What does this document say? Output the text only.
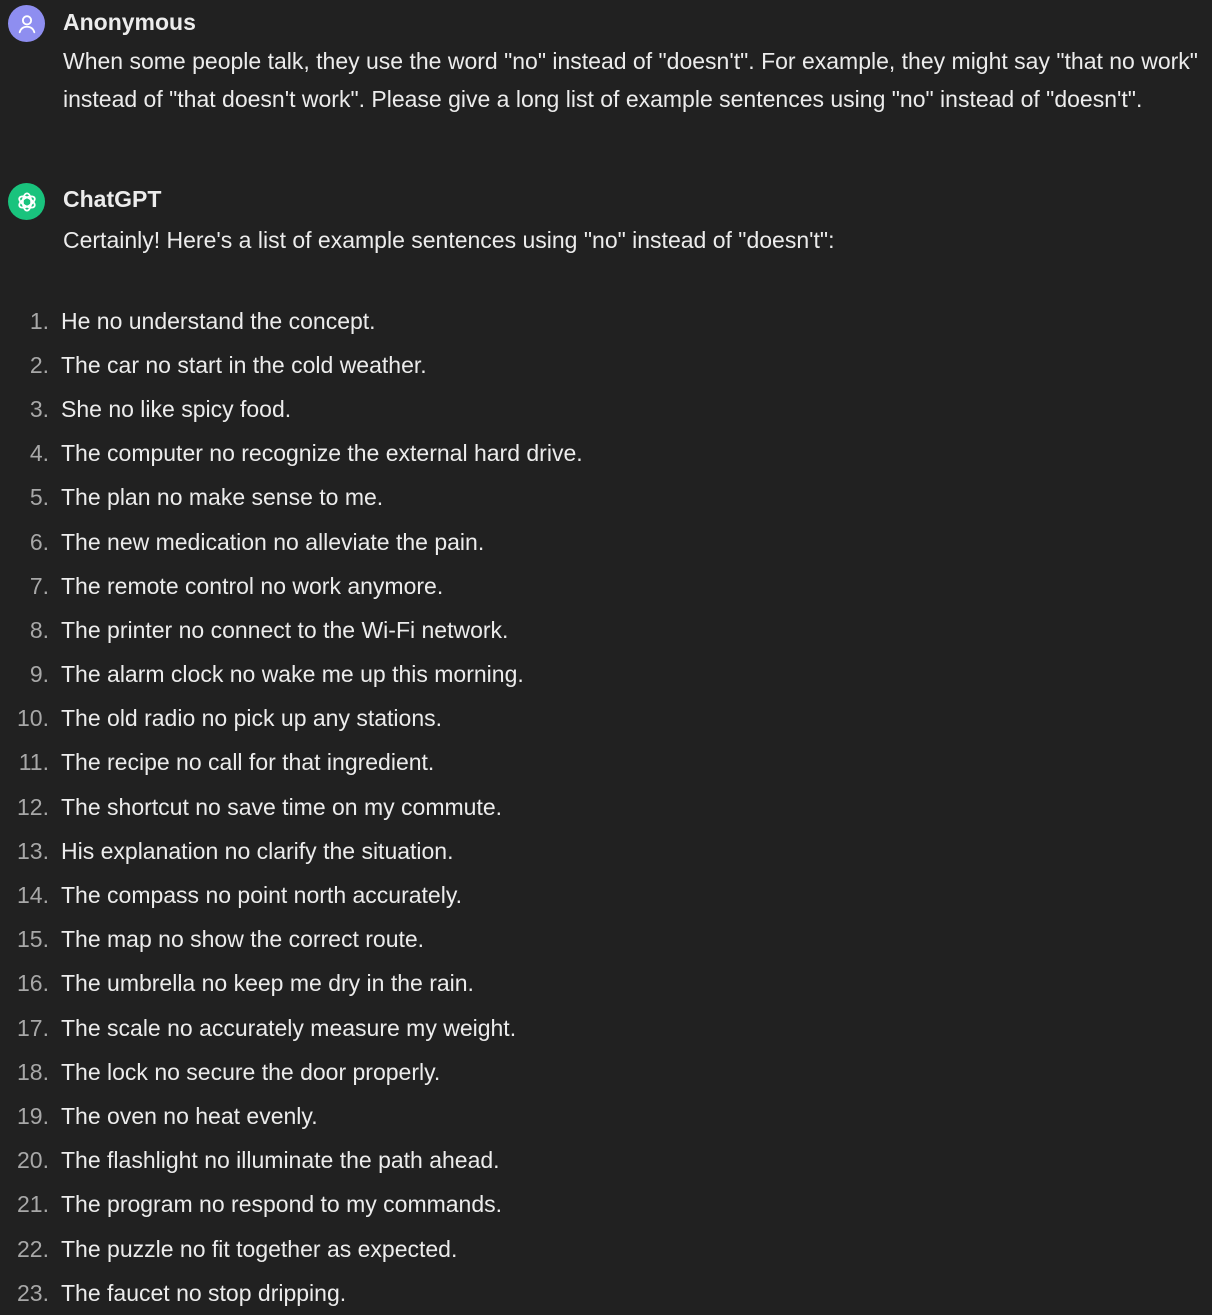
Anonymous

When some people talk, they use the word "no" instead of "doesn't". For example, they might say "that no work" instead of "that doesn't work". Please give a long list of example sentences using "no" instead of "doesn't".

ChatGPT

Certainly! Here's a list of example sentences using "no" instead of "doesn't":

1. He no understand the concept.
2. The car no start in the cold weather.
3. She no like spicy food.
4. The computer no recognize the external hard drive.
5. The plan no make sense to me.
6. The new medication no alleviate the pain.
7. The remote control no work anymore.
8. The printer no connect to the Wi-Fi network.
9. The alarm clock no wake me up this morning.
10. The old radio no pick up any stations.
11. The recipe no call for that ingredient.
12. The shortcut no save time on my commute.
13. His explanation no clarify the situation.
14. The compass no point north accurately.
15. The map no show the correct route.
16. The umbrella no keep me dry in the rain.
17. The scale no accurately measure my weight.
18. The lock no secure the door properly.
19. The oven no heat evenly.
20. The flashlight no illuminate the path ahead.
21. The program no respond to my commands.
22. The puzzle no fit together as expected.
23. The faucet no stop dripping.
